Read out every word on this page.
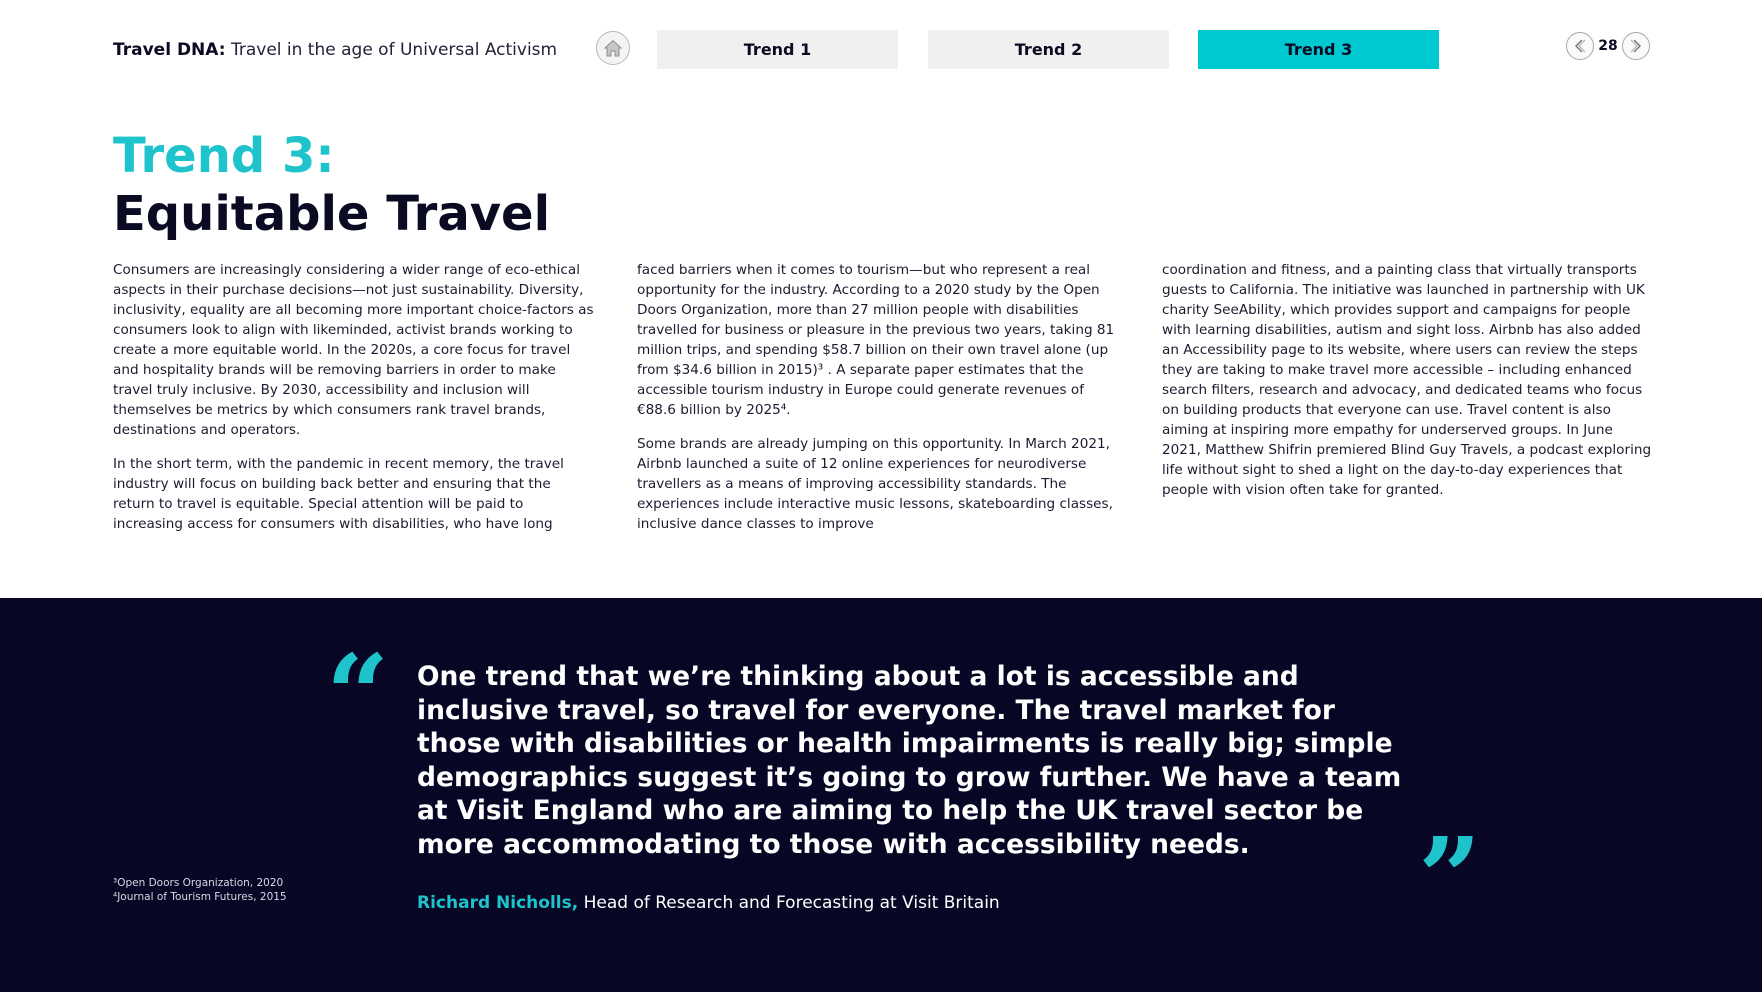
Travel DNA: Travel in the age of Universal Activism	Trend 1	Trend 2	Trend 3	28
Trend 3:
Equitable Travel

Consumers are increasingly considering a wider range of eco-ethical aspects in their purchase decisions—not just sustainability. Diversity, inclusivity, equality are all becoming more important choice-factors as consumers look to align with likeminded, activist brands working to create a more equitable world. In the 2020s, a core focus for travel and hospitality brands will be removing barriers in order to make travel truly inclusive. By 2030, accessibility and inclusion will themselves be metrics by which consumers rank travel brands, destinations and operators.

In the short term, with the pandemic in recent memory, the travel industry will focus on building back better and ensuring that the return to travel is equitable. Special attention will be paid to increasing access for consumers with disabilities, who have long

faced barriers when it comes to tourism—but who represent a real opportunity for the industry. According to a 2020 study by the Open Doors Organization, more than 27 million people with disabilities travelled for business or pleasure in the previous two years, taking 81 million trips, and spending $58.7 billion on their own travel alone (up from $34.6 billion in 2015)³ . A separate paper estimates that the accessible tourism industry in Europe could generate revenues of €88.6 billion by 2025⁴.

Some brands are already jumping on this opportunity. In March 2021, Airbnb launched a suite of 12 online experiences for neurodiverse travellers as a means of improving accessibility standards. The experiences include interactive music lessons, skateboarding classes, inclusive dance classes to improve

coordination and fitness, and a painting class that virtually transports guests to California. The initiative was launched in partnership with UK charity SeeAbility, which provides support and campaigns for people with learning disabilities, autism and sight loss. Airbnb has also added an Accessibility page to its website, where users can review the steps they are taking to make travel more accessible – including enhanced search filters, research and advocacy, and dedicated teams who focus on building products that everyone can use. Travel content is also aiming at inspiring more empathy for underserved groups. In June 2021, Matthew Shifrin premiered Blind Guy Travels, a podcast exploring life without sight to shed a light on the day-to-day experiences that people with vision often take for granted.

“ One trend that we’re thinking about a lot is accessible and inclusive travel, so travel for everyone. The travel market for those with disabilities or health impairments is really big; simple demographics suggest it’s going to grow further. We have a team at Visit England who are aiming to help the UK travel sector be more accommodating to those with accessibility needs.	”
Richard Nicholls, Head of Research and Forecasting at Visit Britain
³Open Doors Organization, 2020
⁴Journal of Tourism Futures, 2015
